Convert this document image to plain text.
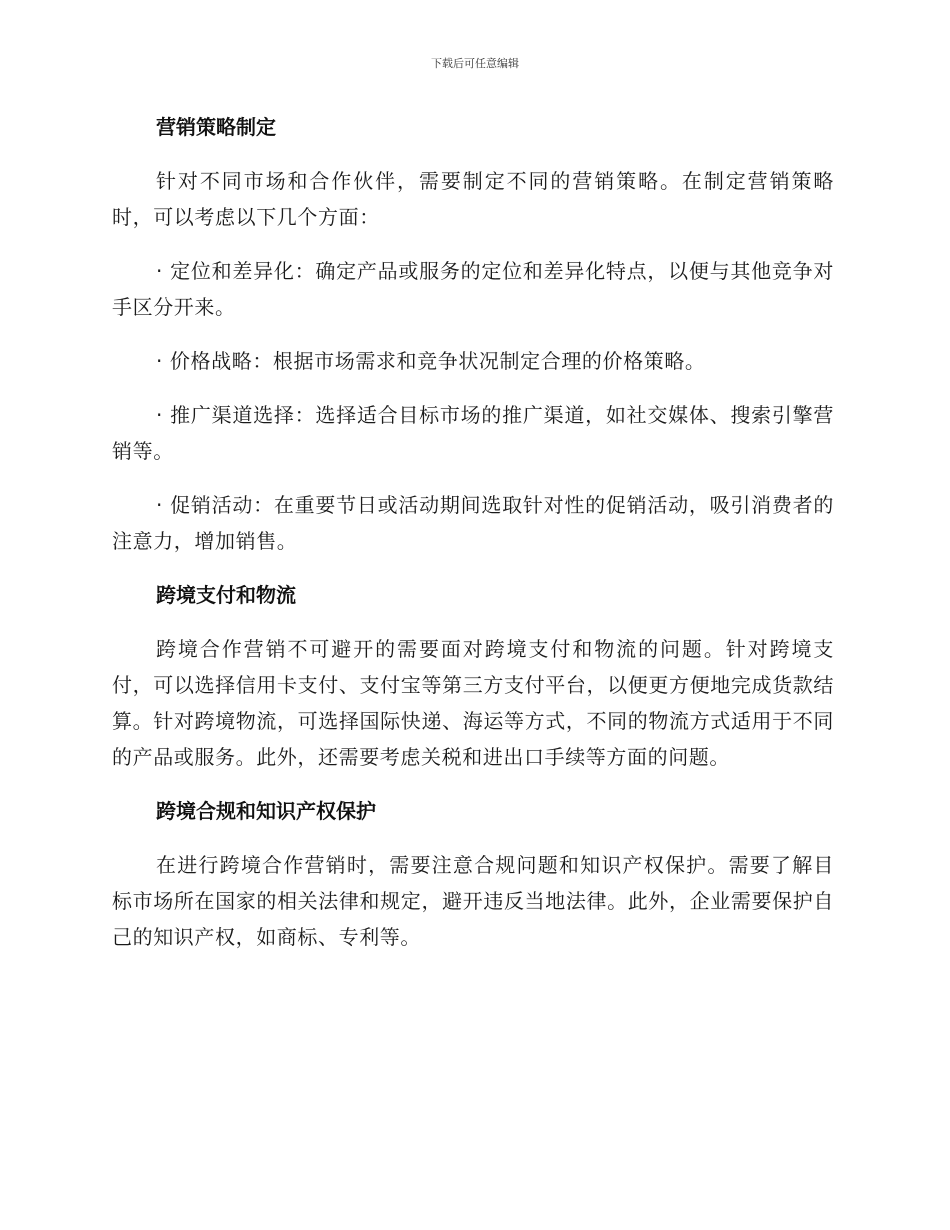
下载后可任意编辑
营销策略制定

针对不同市场和合作伙伴，需要制定不同的营销策略。在制定营销策略时，可以考虑以下几个方面：

· 定位和差异化：确定产品或服务的定位和差异化特点，以便与其他竞争对手区分开来。

· 价格战略：根据市场需求和竞争状况制定合理的价格策略。

· 推广渠道选择：选择适合目标市场的推广渠道，如社交媒体、搜索引擎营销等。

· 促销活动：在重要节日或活动期间选取针对性的促销活动，吸引消费者的注意力，增加销售。

跨境支付和物流

跨境合作营销不可避开的需要面对跨境支付和物流的问题。针对跨境支付，可以选择信用卡支付、支付宝等第三方支付平台，以便更方便地完成货款结算。针对跨境物流，可选择国际快递、海运等方式，不同的物流方式适用于不同的产品或服务。此外，还需要考虑关税和进出口手续等方面的问题。

跨境合规和知识产权保护

在进行跨境合作营销时，需要注意合规问题和知识产权保护。需要了解目标市场所在国家的相关法律和规定，避开违反当地法律。此外，企业需要保护自己的知识产权，如商标、专利等。
